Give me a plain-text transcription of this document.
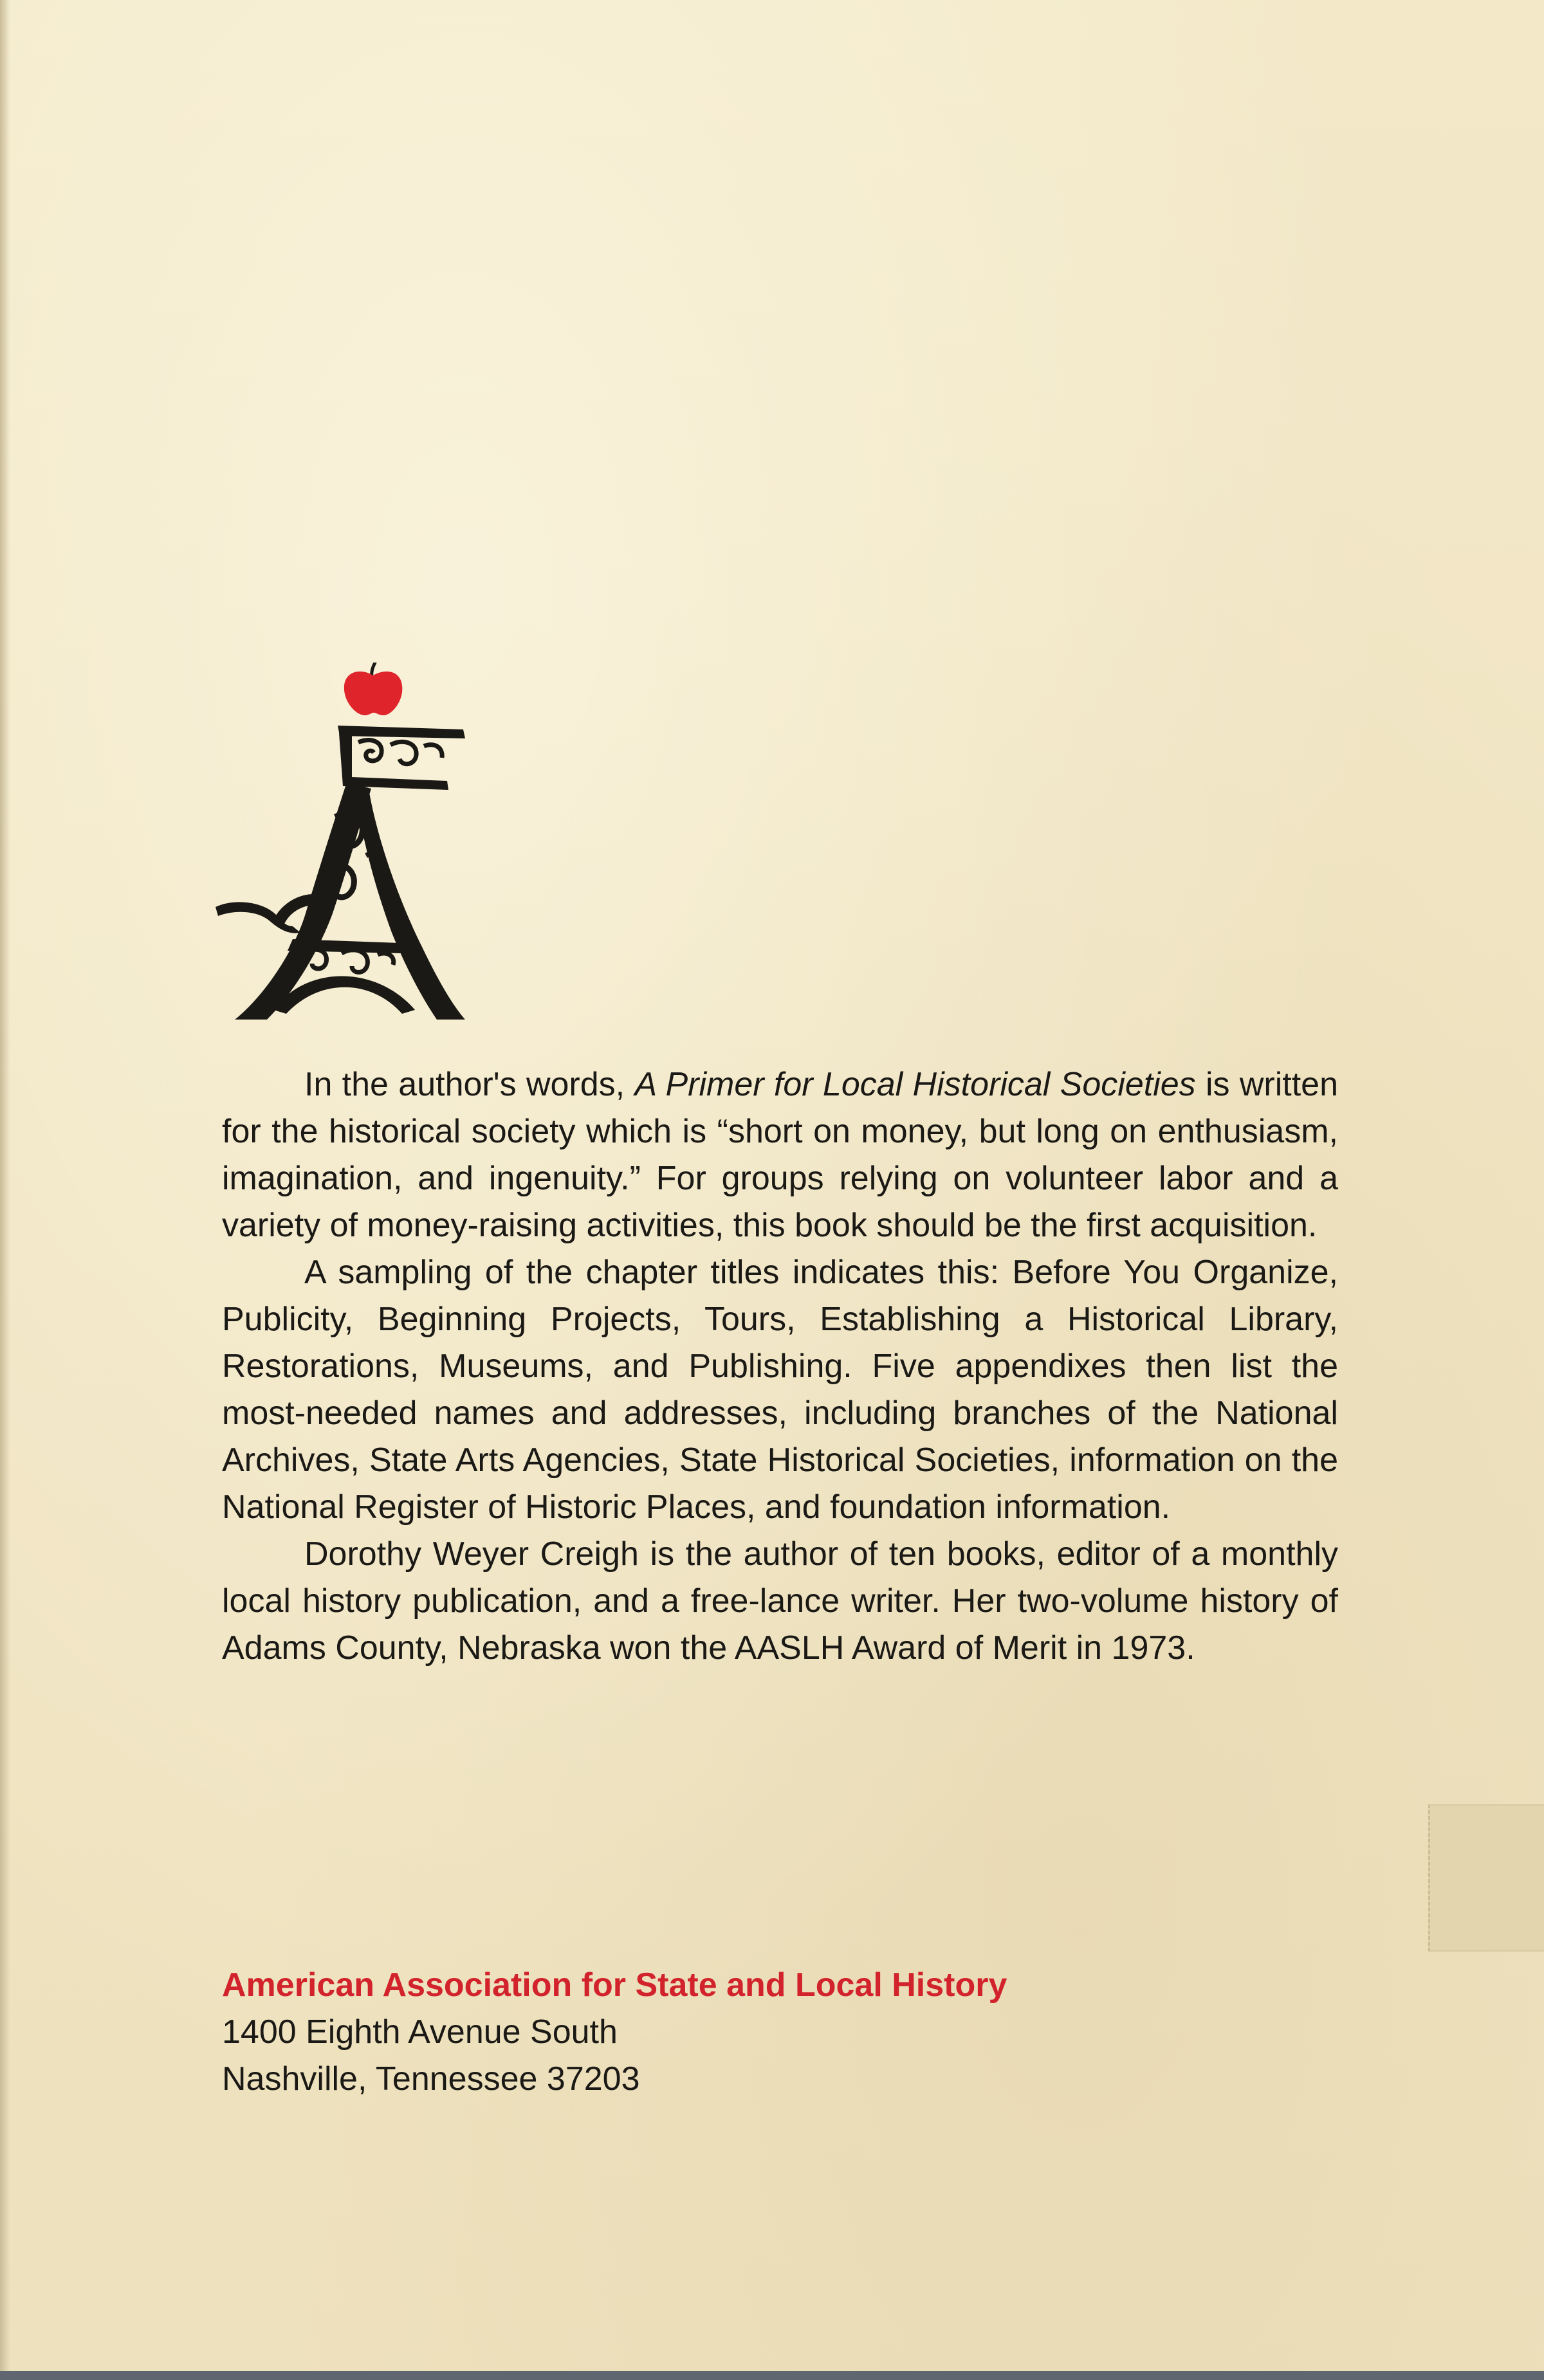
In the author's words, A Primer for Local Historical Societies is written for the historical society which is “short on money, but long on enthusiasm, imagination, and ingenuity.” For groups relying on volunteer labor and a variety of money-raising activities, this book should be the first acquisition.

A sampling of the chapter titles indicates this: Before You Organize, Publicity, Beginning Projects, Tours, Establishing a Historical Library, Restorations, Museums, and Publishing. Five appendixes then list the most-needed names and addresses, including branches of the National Archives, State Arts Agencies, State Historical Societies, information on the National Register of Historic Places, and foundation information.

Dorothy Weyer Creigh is the author of ten books, editor of a monthly local history publication, and a free-lance writer. Her two-volume history of Adams County, Nebraska won the AASLH Award of Merit in 1973.

American Association for State and Local History
1400 Eighth Avenue South
Nashville, Tennessee 37203
